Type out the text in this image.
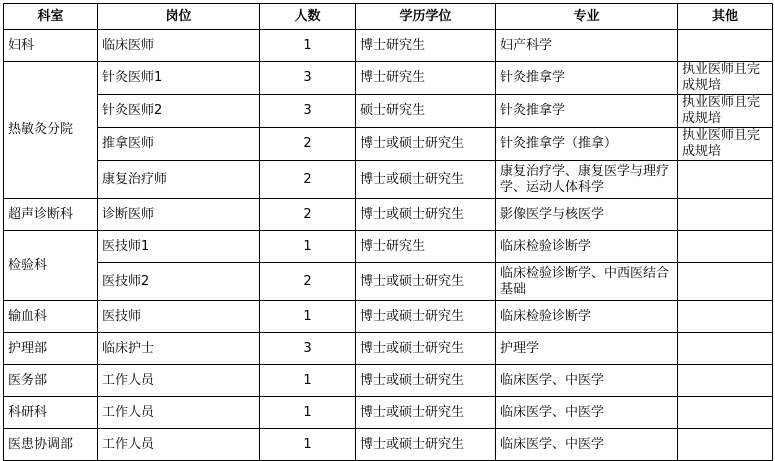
科室	岗位	人数	学历学位	专业	其他
妇科	临床医师	1	博士研究生	妇产科学	
热敏灸分院	针灸医师1	3	博士研究生	针灸推拿学	执业医师且完成规培
	针灸医师2	3	硕士研究生	针灸推拿学	执业医师且完成规培
	推拿医师	2	博士或硕士研究生	针灸推拿学（推拿）	执业医师且完成规培
	康复治疗师	2	博士或硕士研究生	康复治疗学、康复医学与理疗学、运动人体科学	
超声诊断科	诊断医师	2	博士或硕士研究生	影像医学与核医学	
检验科	医技师1	1	博士研究生	临床检验诊断学	
	医技师2	2	博士或硕士研究生	临床检验诊断学、中西医结合基础	
输血科	医技师	1	博士或硕士研究生	临床检验诊断学	
护理部	临床护士	3	博士或硕士研究生	护理学	
医务部	工作人员	1	博士或硕士研究生	临床医学、中医学	
科研科	工作人员	1	博士或硕士研究生	临床医学、中医学	
医患协调部	工作人员	1	博士或硕士研究生	临床医学、中医学	
